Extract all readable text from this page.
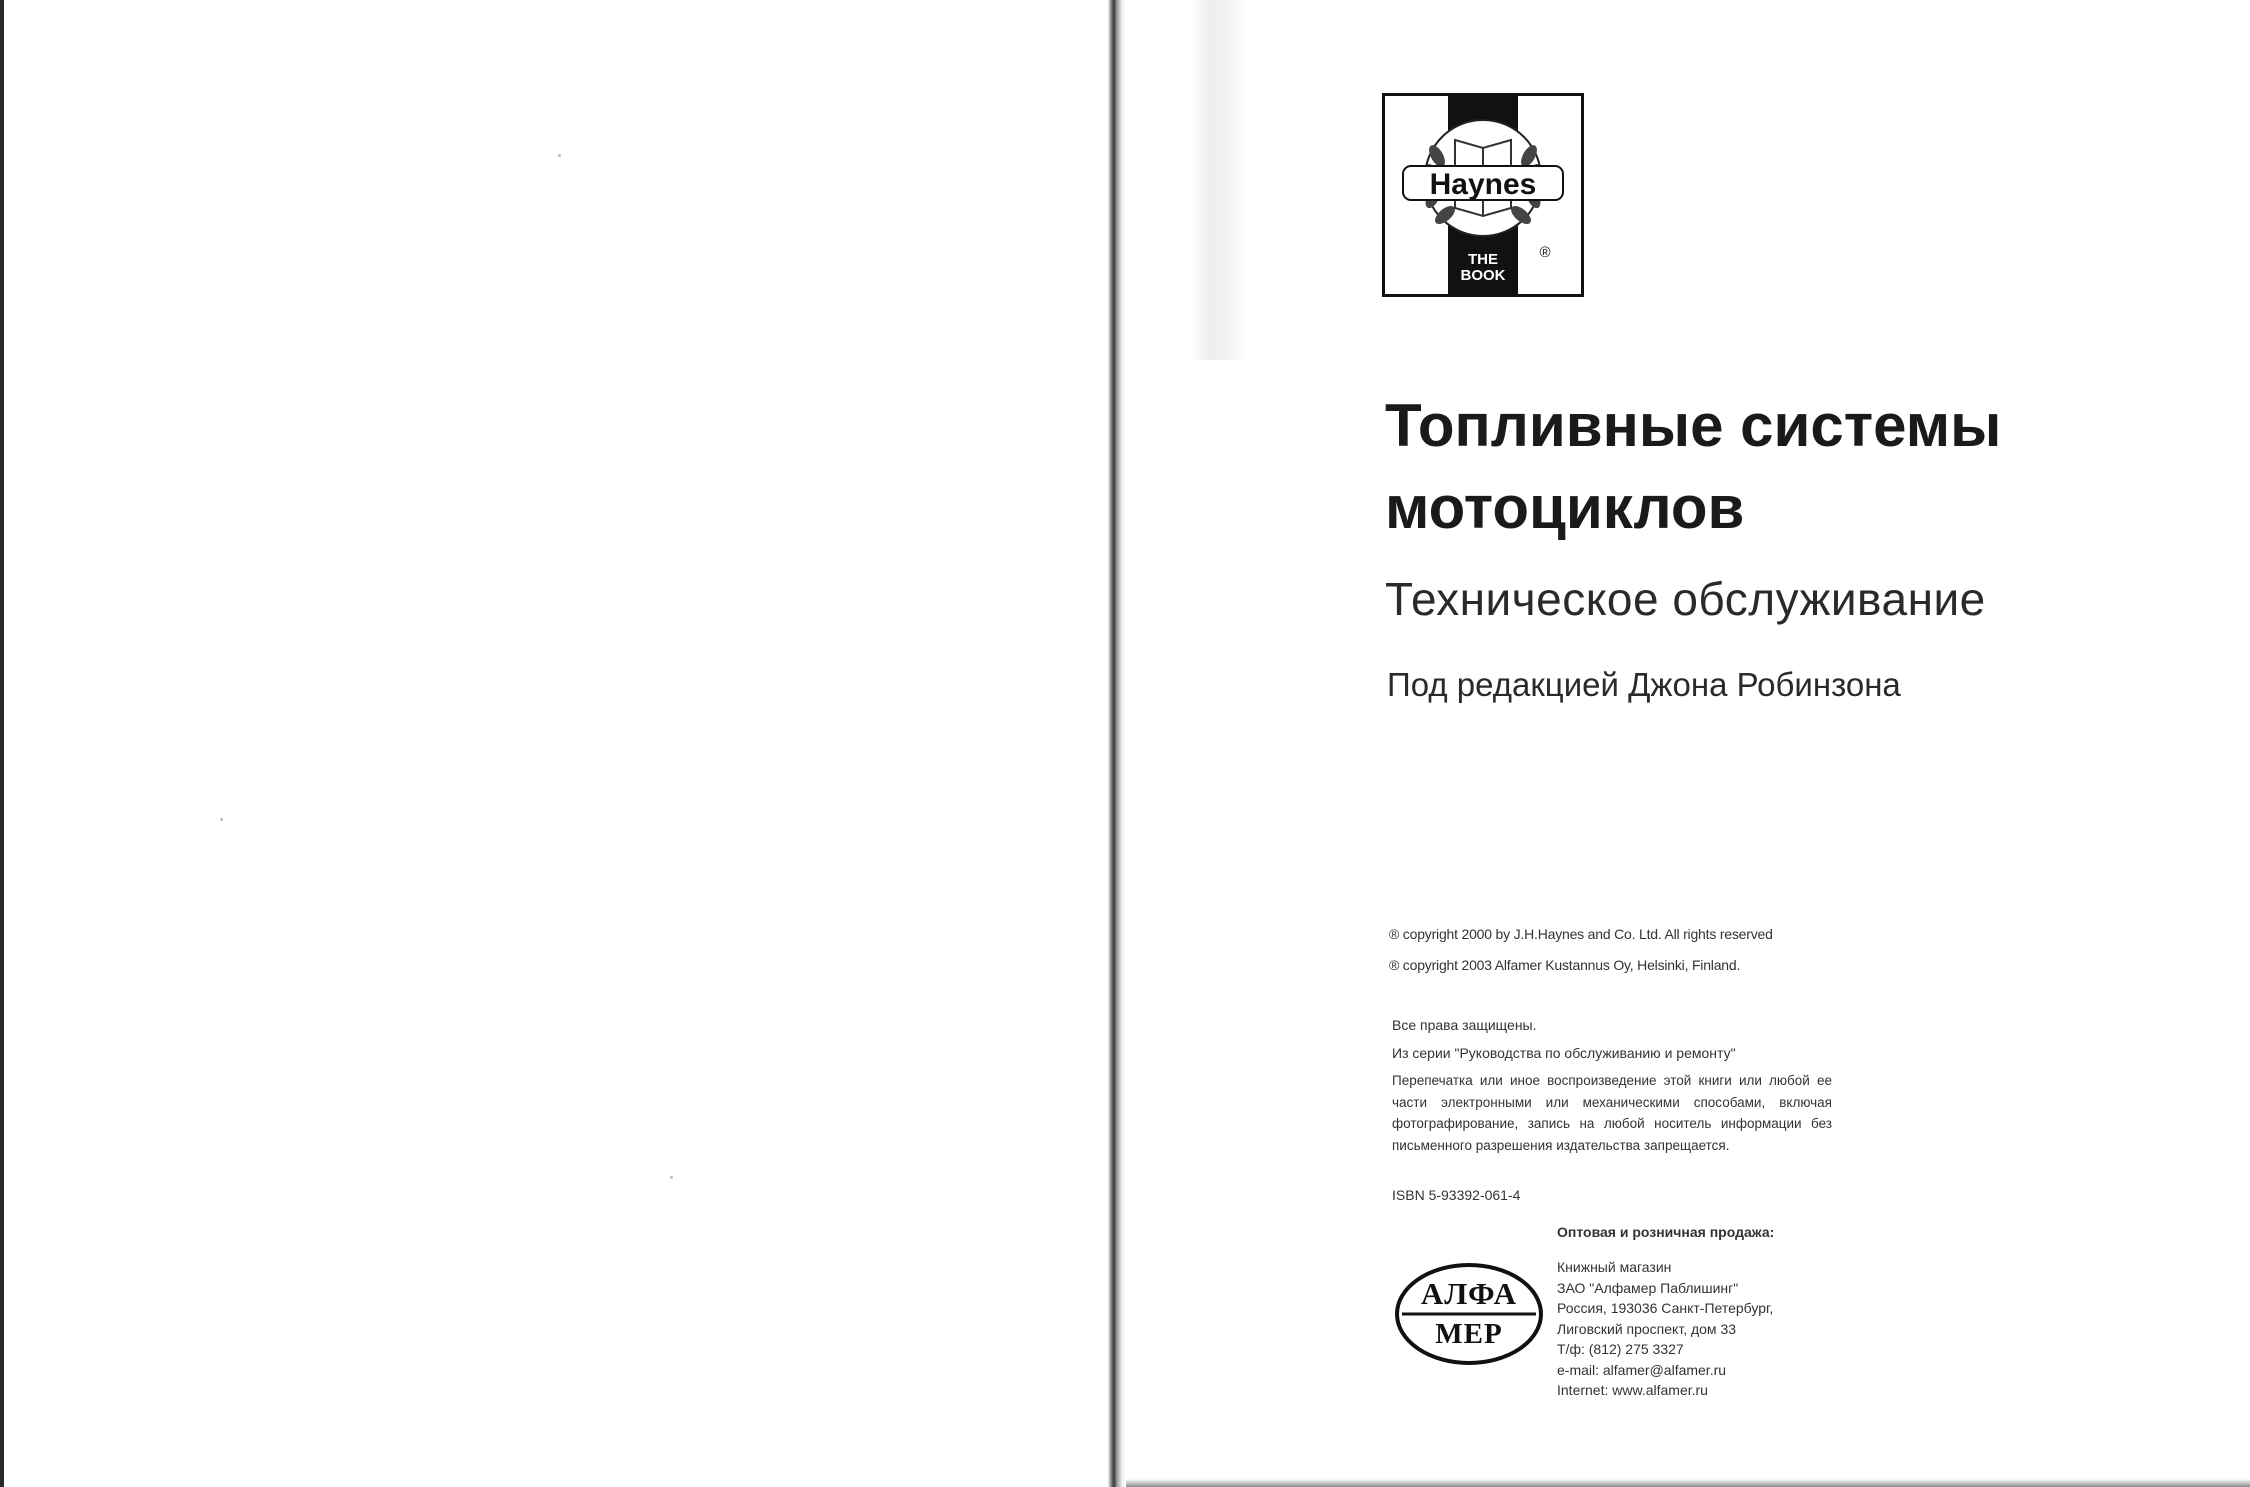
Haynes
THE
BOOK
®
Топливные системы
мотоциклов

Техническое обслуживание

Под редакцией Джона Робинзона

® copyright 2000 by J.H.Haynes and Co. Ltd. All rights reserved

® copyright 2003 Alfamer Kustannus Oy, Helsinki, Finland.

Все права защищены.

Из серии "Руководства по обслуживанию и ремонту"

Перепечатка или иное воспроизведение этой книги или любой ее части электронными или механическими способами, включая фотографирование, запись на любой носитель информации без письменного разрешения издательства запрещается.

ISBN 5-93392-061-4

Оптовая и розничная продажа:

АЛФА
МЕР
Книжный магазин
ЗАО "Алфамер Паблишинг"
Россия, 193036 Санкт-Петербург,
Лиговский проспект, дом 33
Т/ф: (812) 275 3327
e-mail: alfamer@alfamer.ru
Internet: www.alfamer.ru
